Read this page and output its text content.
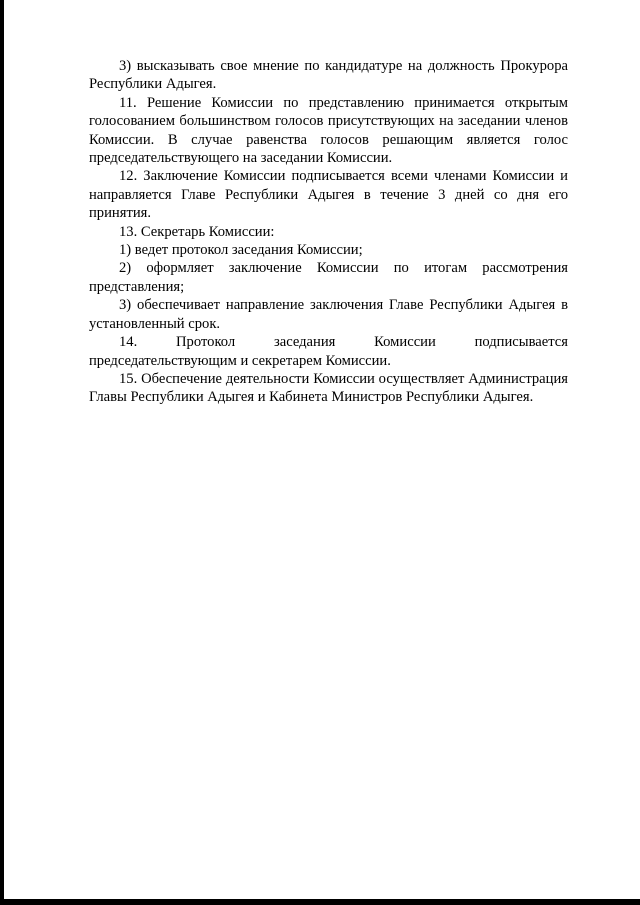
3) высказывать свое мнение по кандидатуре на должность Прокурора Республики Адыгея.

11. Решение Комиссии по представлению принимается открытым голосованием большинством голосов присутствующих на заседании членов Комиссии. В случае равенства голосов решающим является голос председательствующего на заседании Комиссии.

12. Заключение Комиссии подписывается всеми членами Комиссии и направляется Главе Республики Адыгея в течение 3 дней со дня его принятия.

13. Секретарь Комиссии:

1) ведет протокол заседания Комиссии;

2) оформляет заключение Комиссии по итогам рассмотрения представления;

3) обеспечивает направление заключения Главе Республики Адыгея в установленный срок.

14.	Протокол	заседания	Комиссии	подписывается
председательствующим и секретарем Комиссии.

15. Обеспечение деятельности Комиссии осуществляет Администрация Главы Республики Адыгея и Кабинета Министров Республики Адыгея.
